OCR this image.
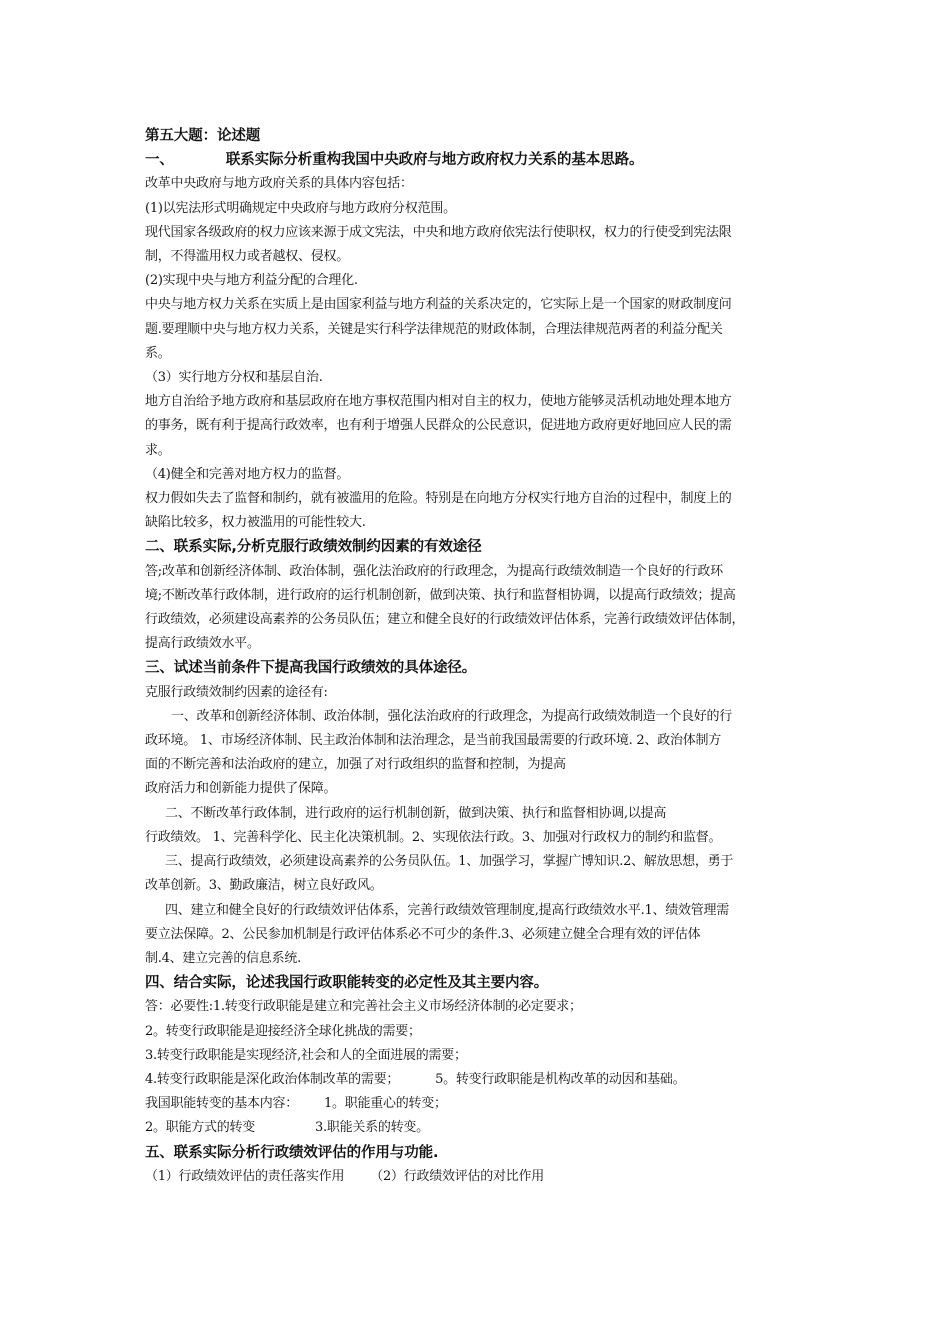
第五大题：论述题
一、	联系实际分析重构我国中央政府与地方政府权力关系的基本思路。
改革中央政府与地方政府关系的具体内容包括：
(1)以宪法形式明确规定中央政府与地方政府分权范围。
现代国家各级政府的权力应该来源于成文宪法，中央和地方政府依宪法行使职权，权力的行使受到宪法限
制，不得滥用权力或者越权、侵权。
(2)实现中央与地方利益分配的合理化.
中央与地方权力关系在实质上是由国家利益与地方利益的关系决定的，它实际上是一个国家的财政制度问
题.要理顺中央与地方权力关系，关键是实行科学法律规范的财政体制，合理法律规范两者的利益分配关
系。
（3）实行地方分权和基层自治.
地方自治给予地方政府和基层政府在地方事权范围内相对自主的权力，使地方能够灵活机动地处理本地方
的事务，既有利于提高行政效率，也有利于增强人民群众的公民意识，促进地方政府更好地回应人民的需
求。
（4)健全和完善对地方权力的监督。
权力假如失去了监督和制约，就有被滥用的危险。特别是在向地方分权实行地方自治的过程中，制度上的
缺陷比较多，权力被滥用的可能性较大.
二、联系实际,分析克服行政绩效制约因素的有效途径
答;改革和创新经济体制、政治体制，强化法治政府的行政理念，为提高行政绩效制造一个良好的行政环
境;不断改革行政体制，进行政府的运行机制创新，做到决策、执行和监督相协调，以提高行政绩效；提高
行政绩效，必须建设高素养的公务员队伍；建立和健全良好的行政绩效评估体系，完善行政绩效评估体制，
提高行政绩效水平。
三、试述当前条件下提高我国行政绩效的具体途径。
克服行政绩效制约因素的途径有:
一、改革和创新经济体制、政治体制，强化法治政府的行政理念，为提高行政绩效制造一个良好的行
政环境。 1、市场经济体制、民主政治体制和法治理念，是当前我国最需要的行政环境. 2、政治体制方
面的不断完善和法治政府的建立，加强了对行政组织的监督和控制，为提高
政府活力和创新能力提供了保障。
二、不断改革行政体制，进行政府的运行机制创新，做到决策、执行和监督相协调,以提高
行政绩效。 1、完善科学化、民主化决策机制。2、实现依法行政。3、加强对行政权力的制约和监督。
三、提高行政绩效，必须建设高素养的公务员队伍。1、加强学习，掌握广博知识.2、解放思想，勇于
改革创新。3、勤政廉洁，树立良好政风。
四、建立和健全良好的行政绩效评估体系，完善行政绩效管理制度,提高行政绩效水平.1、绩效管理需
要立法保障。2、公民参加机制是行政评估体系必不可少的条件.3、必须建立健全合理有效的评估体
制.4、建立完善的信息系统.
四、结合实际，论述我国行政职能转变的必定性及其主要内容。
答：必要性:1.转变行政职能是建立和完善社会主义市场经济体制的必定要求；
2。转变行政职能是迎接经济全球化挑战的需要；
3.转变行政职能是实现经济,社会和人的全面进展的需要；
4.转变行政职能是深化政治体制改革的需要；	5。转变行政职能是机构改革的动因和基础。
我国职能转变的基本内容： 1。职能重心的转变；
2。职能方式的转变	3.职能关系的转变。
五、联系实际分析行政绩效评估的作用与功能.
（1）行政绩效评估的责任落实作用 （2）行政绩效评估的对比作用
